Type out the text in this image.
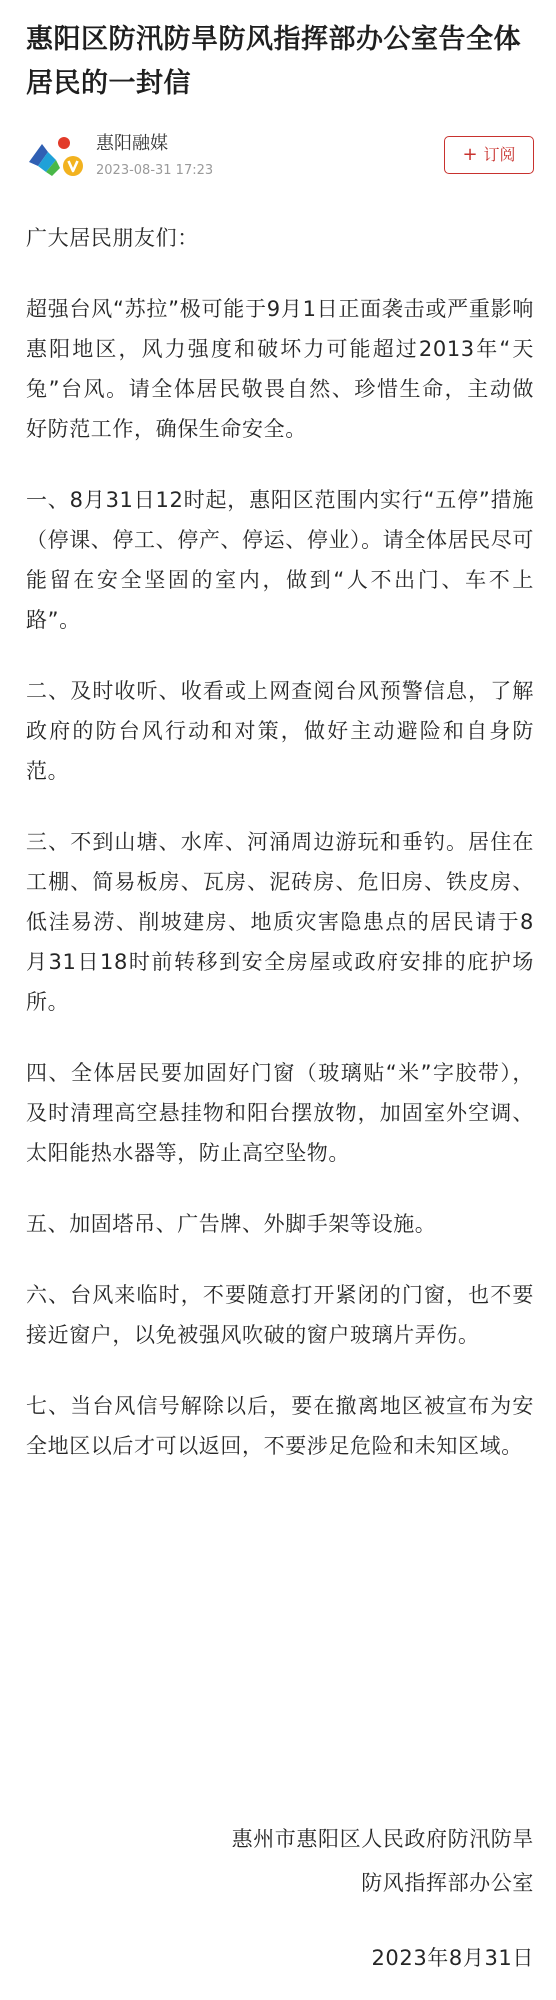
惠阳区防汛防旱防风指挥部办公室告全体居民的一封信
惠阳融媒
2023-08-31 17:23
+ 订阅

广大居民朋友们：

超强台风“苏拉”极可能于9月1日正面袭击或严重影响惠阳地区，风力强度和破坏力可能超过2013年“天兔”台风。请全体居民敬畏自然、珍惜生命，主动做好防范工作，确保生命安全。

一、8月31日12时起，惠阳区范围内实行“五停”措施（停课、停工、停产、停运、停业）。请全体居民尽可能留在安全坚固的室内，做到“人不出门、车不上路”。

二、及时收听、收看或上网查阅台风预警信息，了解政府的防台风行动和对策，做好主动避险和自身防范。

三、不到山塘、水库、河涌周边游玩和垂钓。居住在工棚、简易板房、瓦房、泥砖房、危旧房、铁皮房、低洼易涝、削坡建房、地质灾害隐患点的居民请于8月31日18时前转移到安全房屋或政府安排的庇护场所。

四、全体居民要加固好门窗（玻璃贴“米”字胶带），及时清理高空悬挂物和阳台摆放物，加固室外空调、太阳能热水器等，防止高空坠物。

五、加固塔吊、广告牌、外脚手架等设施。

六、台风来临时，不要随意打开紧闭的门窗，也不要接近窗户，以免被强风吹破的窗户玻璃片弄伤。

七、当台风信号解除以后，要在撤离地区被宣布为安全地区以后才可以返回，不要涉足危险和未知区域。

惠州市惠阳区人民政府防汛防旱
防风指挥部办公室
2023年8月31日
